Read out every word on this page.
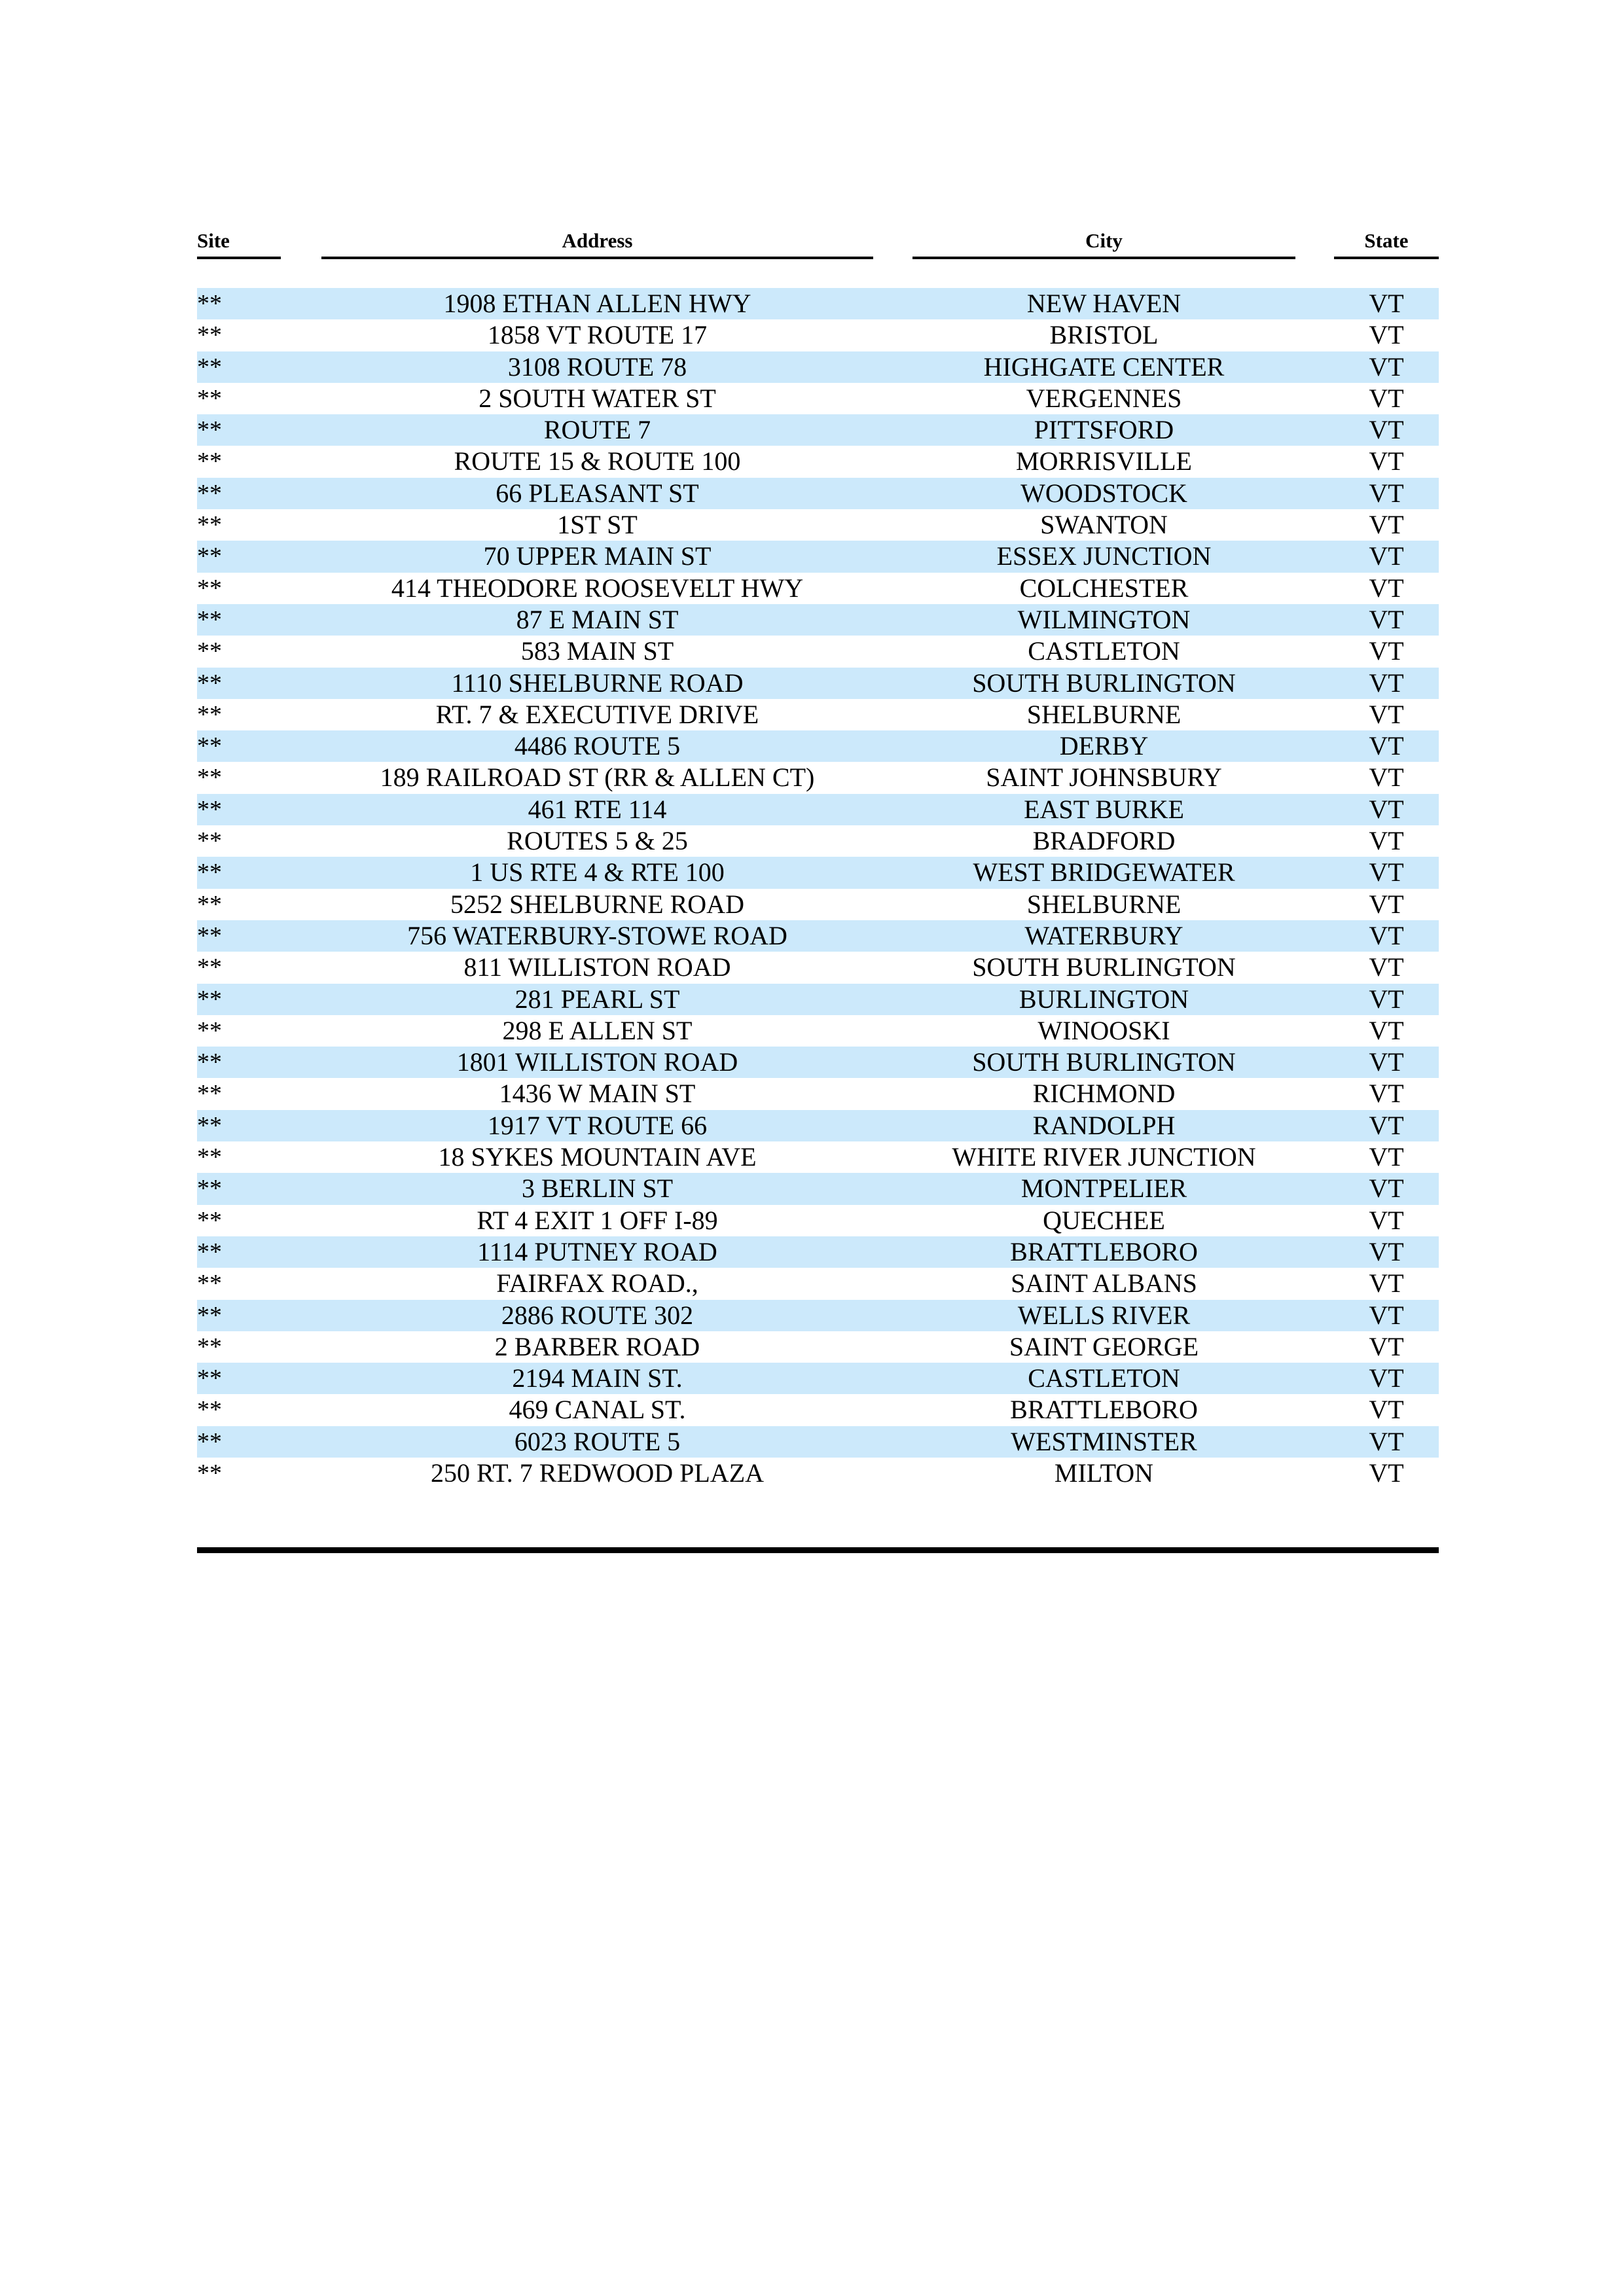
Site	Address	City	State
**	1908 ETHAN ALLEN HWY	NEW HAVEN	VT
**	1858 VT ROUTE 17	BRISTOL	VT
**	3108 ROUTE 78	HIGHGATE CENTER	VT
**	2 SOUTH WATER ST	VERGENNES	VT
**	ROUTE 7	PITTSFORD	VT
**	ROUTE 15 & ROUTE 100	MORRISVILLE	VT
**	66 PLEASANT ST	WOODSTOCK	VT
**	1ST ST	SWANTON	VT
**	70 UPPER MAIN ST	ESSEX JUNCTION	VT
**	414 THEODORE ROOSEVELT HWY	COLCHESTER	VT
**	87 E MAIN ST	WILMINGTON	VT
**	583 MAIN ST	CASTLETON	VT
**	1110 SHELBURNE ROAD	SOUTH BURLINGTON	VT
**	RT. 7 & EXECUTIVE DRIVE	SHELBURNE	VT
**	4486 ROUTE 5	DERBY	VT
**	189 RAILROAD ST (RR & ALLEN CT)	SAINT JOHNSBURY	VT
**	461 RTE 114	EAST BURKE	VT
**	ROUTES 5 & 25	BRADFORD	VT
**	1 US RTE 4 & RTE 100	WEST BRIDGEWATER	VT
**	5252 SHELBURNE ROAD	SHELBURNE	VT
**	756 WATERBURY-STOWE ROAD	WATERBURY	VT
**	811 WILLISTON ROAD	SOUTH BURLINGTON	VT
**	281 PEARL ST	BURLINGTON	VT
**	298 E ALLEN ST	WINOOSKI	VT
**	1801 WILLISTON ROAD	SOUTH BURLINGTON	VT
**	1436 W MAIN ST	RICHMOND	VT
**	1917 VT ROUTE 66	RANDOLPH	VT
**	18 SYKES MOUNTAIN AVE	WHITE RIVER JUNCTION	VT
**	3 BERLIN ST	MONTPELIER	VT
**	RT 4 EXIT 1 OFF I-89	QUECHEE	VT
**	1114 PUTNEY ROAD	BRATTLEBORO	VT
**	FAIRFAX ROAD.,	SAINT ALBANS	VT
**	2886 ROUTE 302	WELLS RIVER	VT
**	2 BARBER ROAD	SAINT GEORGE	VT
**	2194 MAIN ST.	CASTLETON	VT
**	469 CANAL ST.	BRATTLEBORO	VT
**	6023 ROUTE 5	WESTMINSTER	VT
**	250 RT. 7 REDWOOD PLAZA	MILTON	VT
